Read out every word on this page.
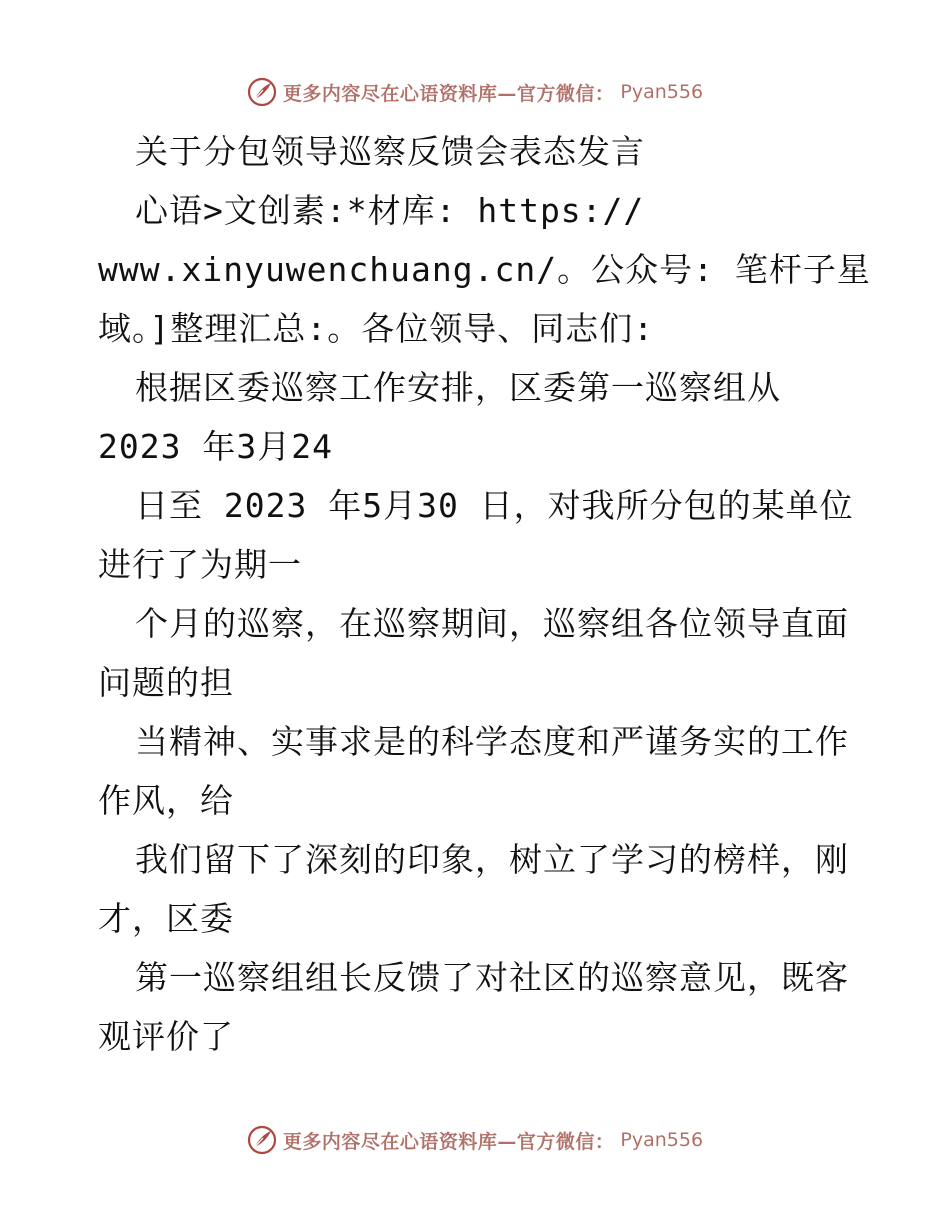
更多内容尽在心语资料库—官方微信： Pyan556
关于分包领导巡察反馈会表态发言
心语>文创素:*材库: https://
www.xinyuwenchuang.cn/。公众号: 笔杆子星
域。]整理汇总:。各位领导、同志们:
根据区委巡察工作安排，区委第一巡察组从
2023 年3月24
日至 2023 年5月30 日，对我所分包的某单位
进行了为期一
个月的巡察，在巡察期间，巡察组各位领导直面
问题的担
当精神、实事求是的科学态度和严谨务实的工作
作风，给
我们留下了深刻的印象，树立了学习的榜样，刚
才，区委
第一巡察组组长反馈了对社区的巡察意见，既客
观评价了
更多内容尽在心语资料库—官方微信： Pyan556
